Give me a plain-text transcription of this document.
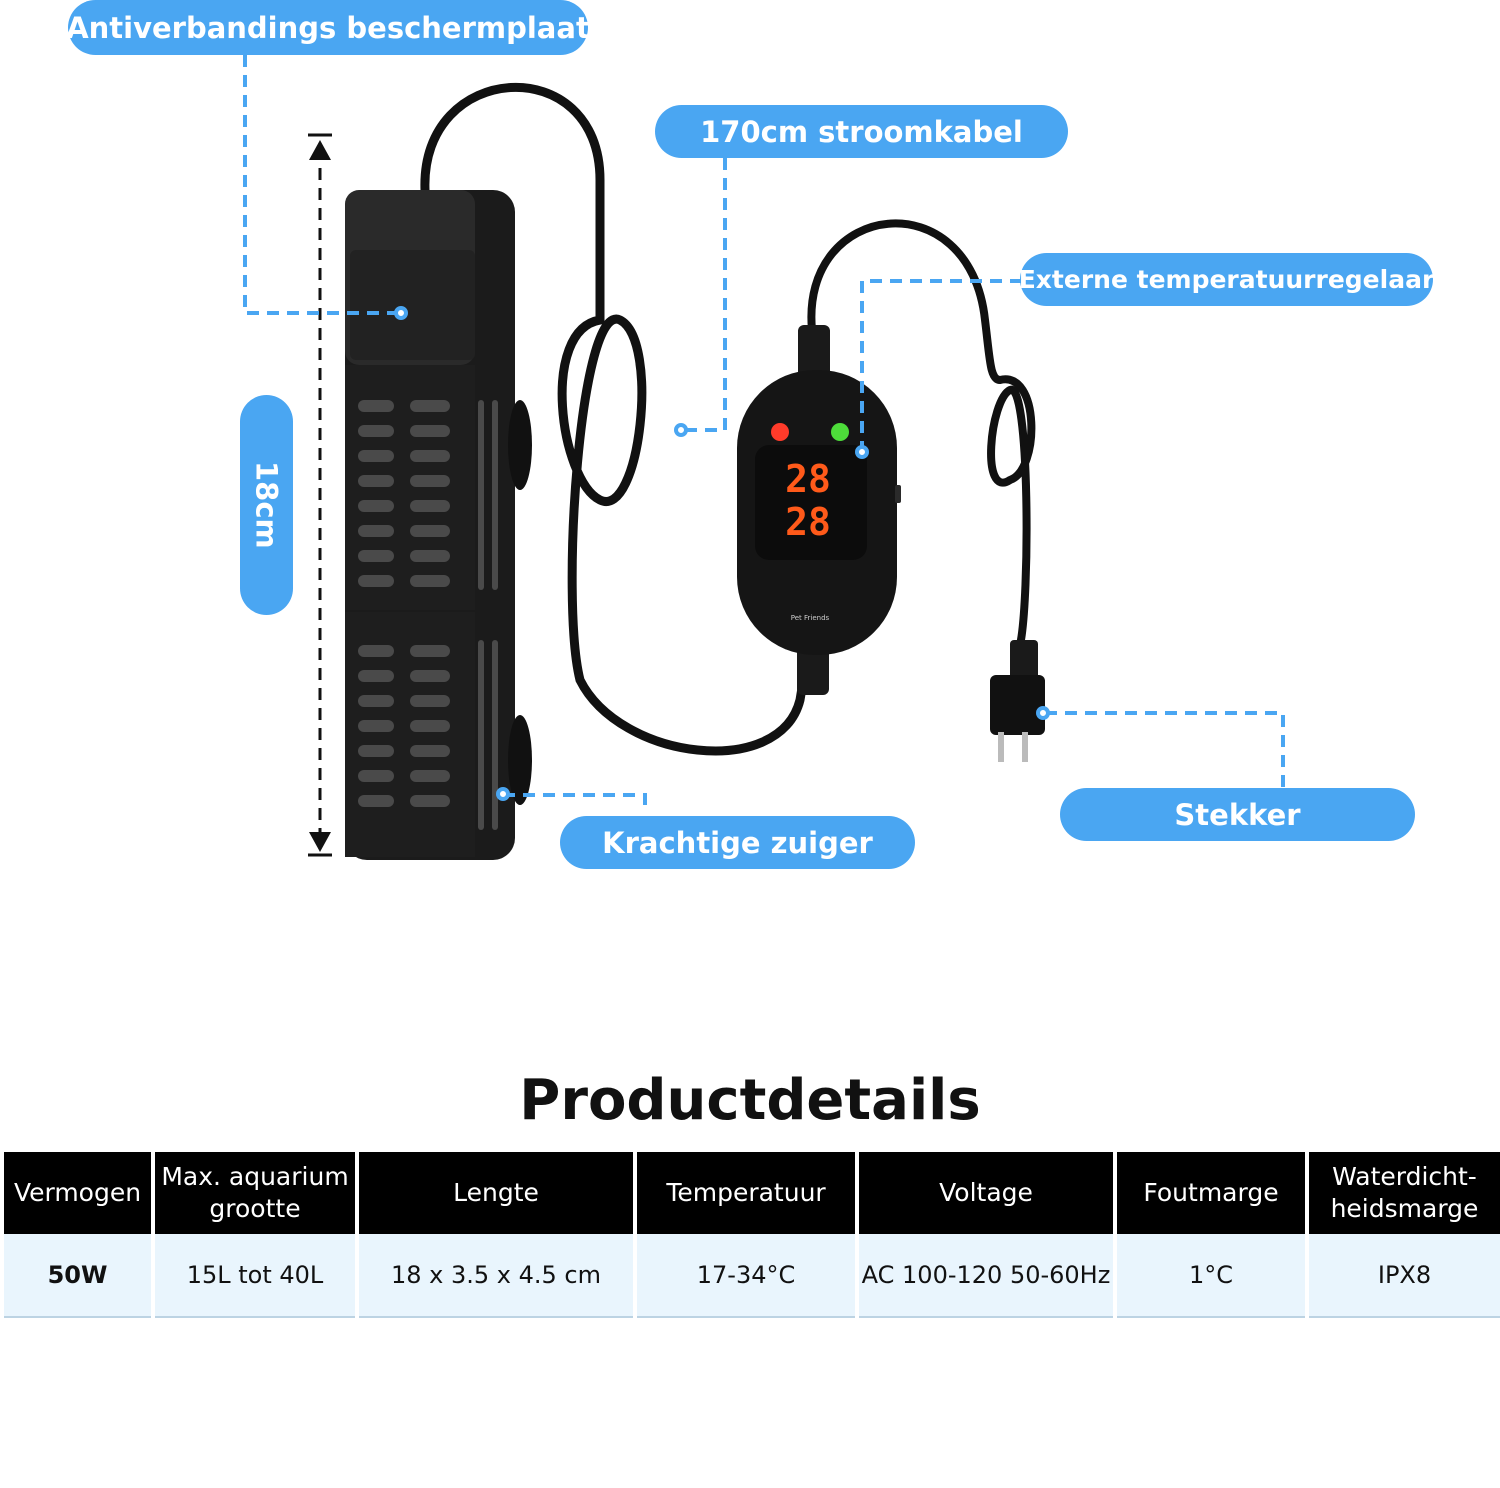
28
28
Pet Friends
Antiverbandings beschermplaat
170cm stroomkabel
Externe temperatuurregelaar
18cm
Krachtige zuiger
Stekker
Productdetails
Vermogen	Max. aquarium grootte	Lengte	Temperatuur	Voltage	Foutmarge	Waterdicht-heidsmarge
50W	15L tot 40L	18 x 3.5 x 4.5 cm	17-34°C	AC 100-120 50-60Hz	1°C	IPX8
